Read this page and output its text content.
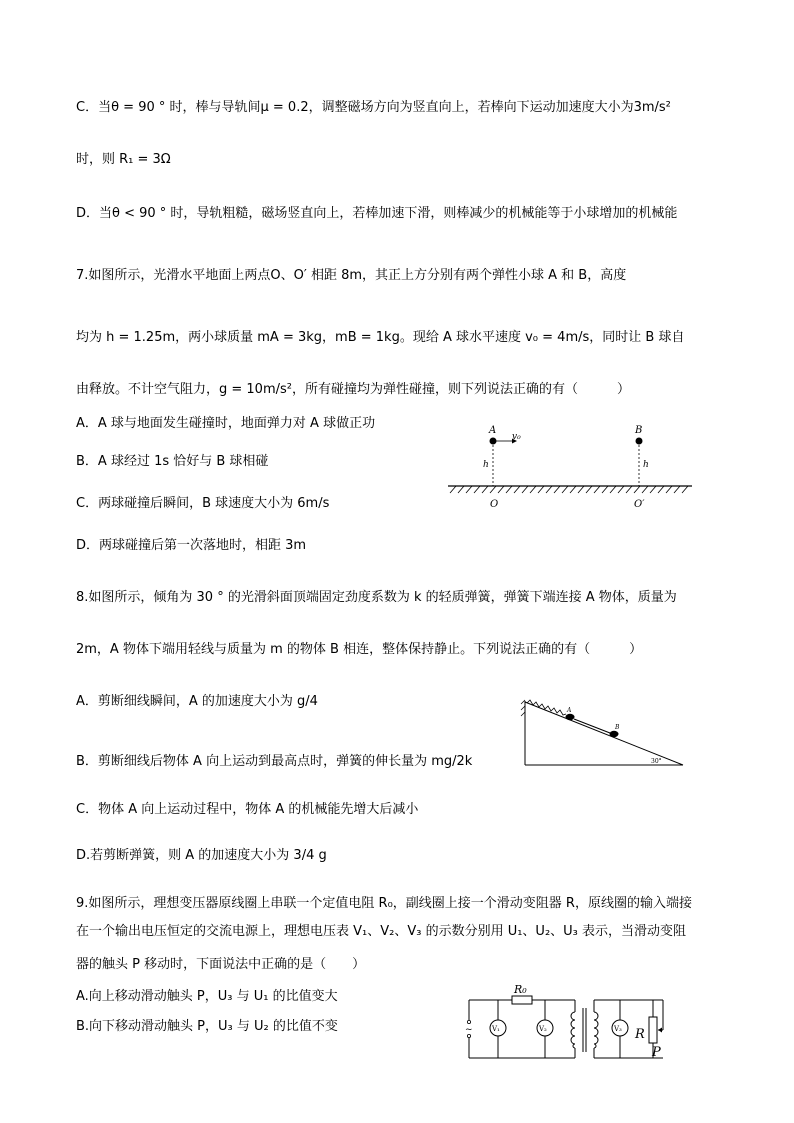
C．当θ = 90 ° 时，棒与导轨间μ = 0.2，调整磁场方向为竖直向上，若棒向下运动加速度大小为3m/s²
时，则 R₁ = 3Ω
D．当θ < 90 ° 时，导轨粗糙，磁场竖直向上，若棒加速下滑，则棒减少的机械能等于小球增加的机械能
7.如图所示，光滑水平地面上两点O、O′ 相距 8m，其正上方分别有两个弹性小球 A 和 B，高度
均为 h = 1.25m，两小球质量 mA = 3kg，mB = 1kg。现给 A 球水平速度 v₀ = 4m/s，同时让 B 球自
由释放。不计空气阻力，g = 10m/s²，所有碰撞均为弹性碰撞，则下列说法正确的有（　　　）
A．A 球与地面发生碰撞时，地面弹力对 A 球做正功
B．A 球经过 1s 恰好与 B 球相碰
C．两球碰撞后瞬间，B 球速度大小为 6m/s
D．两球碰撞后第一次落地时，相距 3m
A
v₀
h
O
B
h
O′
8.如图所示，倾角为 30 ° 的光滑斜面顶端固定劲度系数为 k 的轻质弹簧，弹簧下端连接 A 物体，质量为
2m，A 物体下端用轻线与质量为 m 的物体 B 相连，整体保持静止。下列说法正确的有（　　　）
A．剪断细线瞬间，A 的加速度大小为 g/4
B．剪断细线后物体 A 向上运动到最高点时，弹簧的伸长量为 mg/2k
C．物体 A 向上运动过程中，物体 A 的机械能先增大后减小
D.若剪断弹簧，则 A 的加速度大小为 3/4 g
A
B
30°
9.如图所示，理想变压器原线圈上串联一个定值电阻 R₀，副线圈上接一个滑动变阻器 R，原线圈的输入端接
在一个输出电压恒定的交流电源上，理想电压表 V₁、V₂、V₃ 的示数分别用 U₁、U₂、U₃ 表示，当滑动变阻
器的触头 P 移动时，下面说法中正确的是（　　）
A.向上移动滑动触头 P，U₃ 与 U₁ 的比值变大
B.向下移动滑动触头 P，U₃ 与 U₂ 的比值不变
R₀
V₁	V₂	V₃
~	R
P
